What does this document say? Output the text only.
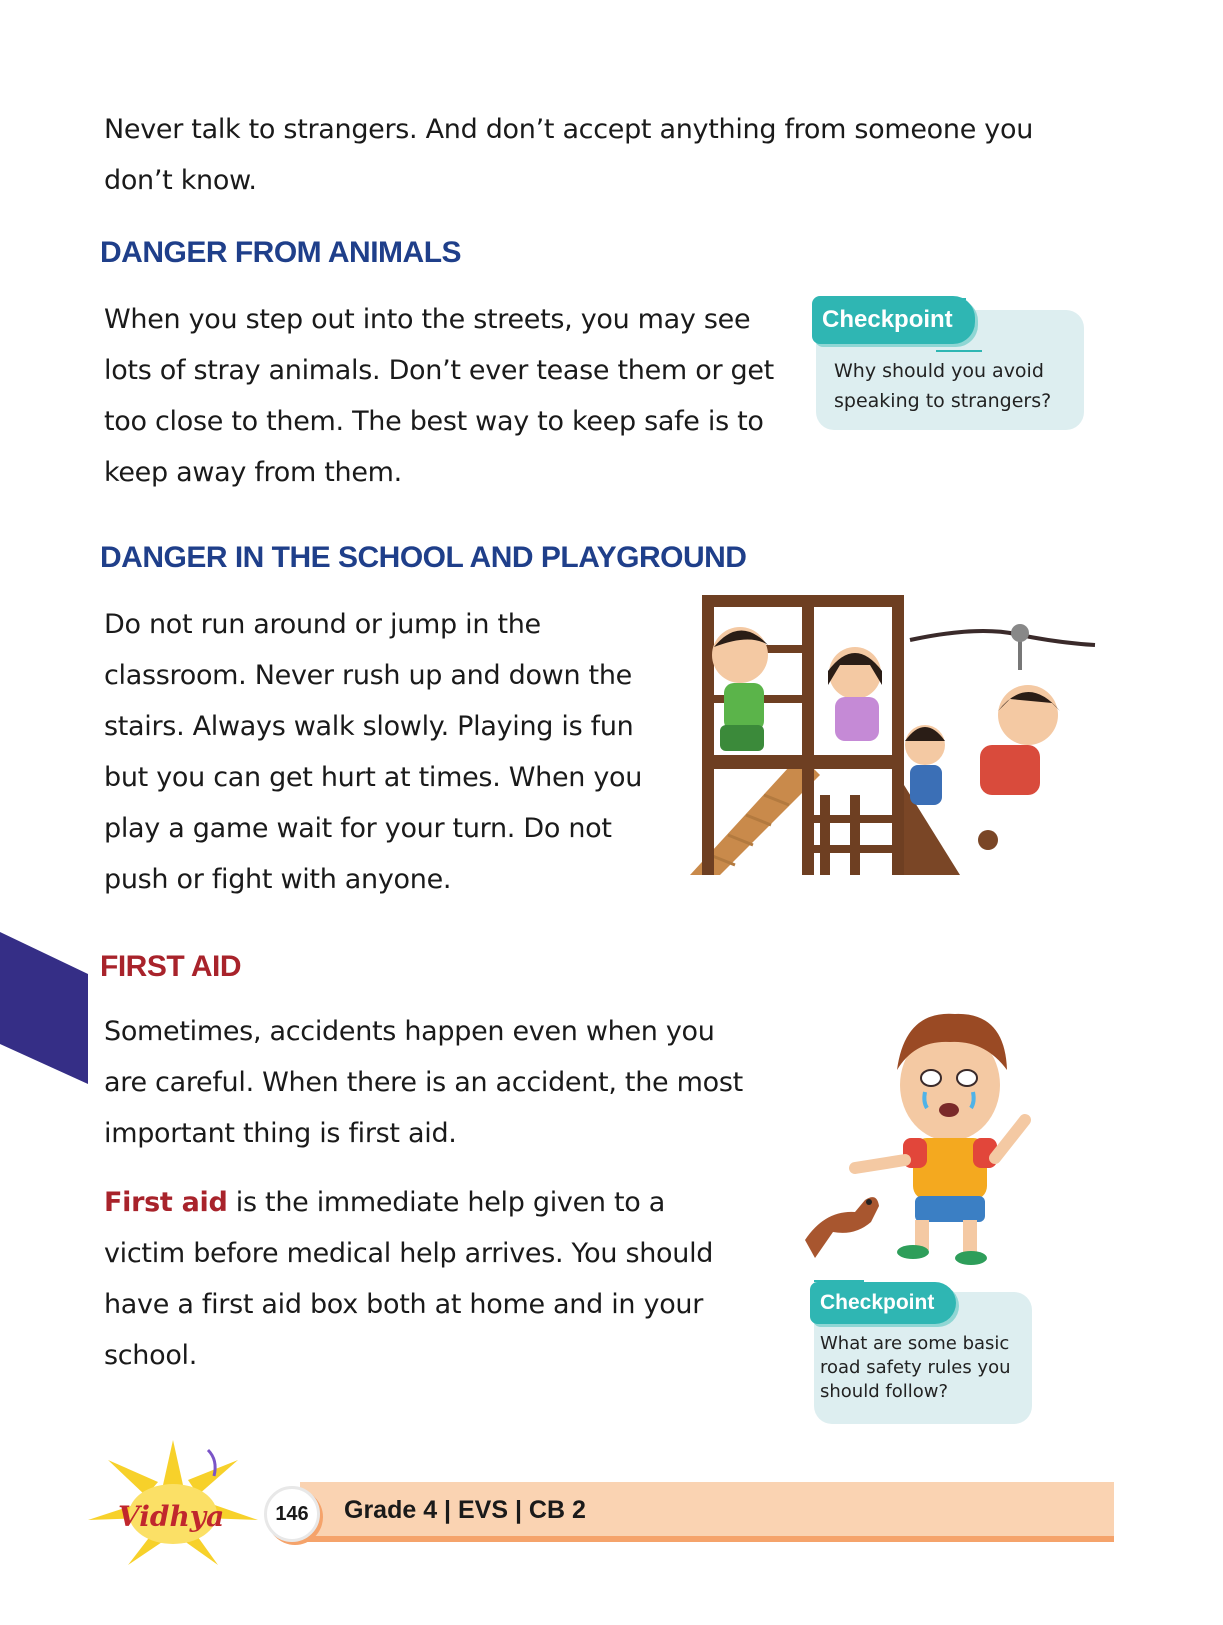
Never talk to strangers. And don’t accept anything from someone you don’t know.

DANGER FROM ANIMALS

When you step out into the streets, you may see lots of stray animals. Don’t ever tease them or get too close to them. The best way to keep safe is to keep away from them.

Checkpoint

Why should you avoid speaking to strangers?

DANGER IN THE SCHOOL AND PLAYGROUND

Do not run around or jump in the classroom. Never rush up and down the stairs. Always walk slowly. Playing is fun but you can get hurt at times. When you play a game wait for your turn. Do not push or fight with anyone.

FIRST AID

Sometimes, accidents happen even when you are careful. When there is an accident, the most important thing is first aid.

First aid is the immediate help given to a victim before medical help arrives. You should have a first aid box both at home and in your school.

Checkpoint

What are some basic road safety rules you should follow?

Vidhya	146	Grade 4 | EVS | CB 2
